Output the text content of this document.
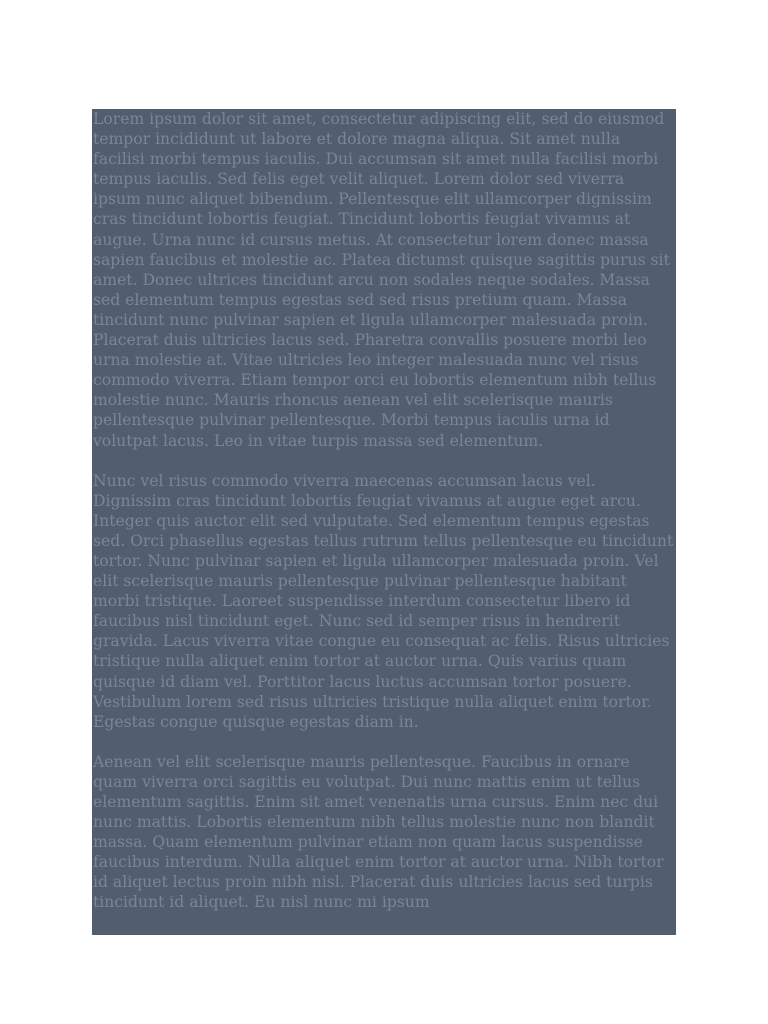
Lorem ipsum dolor sit amet, consectetur adipiscing elit, sed do eiusmod tempor incididunt ut labore et dolore magna aliqua. Sit amet nulla facilisi morbi tempus iaculis. Dui accumsan sit amet nulla facilisi morbi tempus iaculis. Sed felis eget velit aliquet. Lorem dolor sed viverra ipsum nunc aliquet bibendum. Pellentesque elit ullamcorper dignissim cras tincidunt lobortis feugiat. Tincidunt lobortis feugiat vivamus at augue. Urna nunc id cursus metus. At consectetur lorem donec massa sapien faucibus et molestie ac. Platea dictumst quisque sagittis purus sit amet. Donec ultrices tincidunt arcu non sodales neque sodales. Massa sed elementum tempus egestas sed sed risus pretium quam. Massa tincidunt nunc pulvinar sapien et ligula ullamcorper malesuada proin. Placerat duis ultricies lacus sed. Pharetra convallis posuere morbi leo urna molestie at. Vitae ultricies leo integer malesuada nunc vel risus commodo viverra. Etiam tempor orci eu lobortis elementum nibh tellus molestie nunc. Mauris rhoncus aenean vel elit scelerisque mauris pellentesque pulvinar pellentesque. Morbi tempus iaculis urna id volutpat lacus. Leo in vitae turpis massa sed elementum.

Nunc vel risus commodo viverra maecenas accumsan lacus vel. Dignissim cras tincidunt lobortis feugiat vivamus at augue eget arcu. Integer quis auctor elit sed vulputate. Sed elementum tempus egestas sed. Orci phasellus egestas tellus rutrum tellus pellentesque eu tincidunt tortor. Nunc pulvinar sapien et ligula ullamcorper malesuada proin. Vel elit scelerisque mauris pellentesque pulvinar pellentesque habitant morbi tristique. Laoreet suspendisse interdum consectetur libero id faucibus nisl tincidunt eget. Nunc sed id semper risus in hendrerit gravida. Lacus viverra vitae congue eu consequat ac felis. Risus ultricies tristique nulla aliquet enim tortor at auctor urna. Quis varius quam quisque id diam vel. Porttitor lacus luctus accumsan tortor posuere. Vestibulum lorem sed risus ultricies tristique nulla aliquet enim tortor. Egestas congue quisque egestas diam in.

Aenean vel elit scelerisque mauris pellentesque. Faucibus in ornare quam viverra orci sagittis eu volutpat. Dui nunc mattis enim ut tellus elementum sagittis. Enim sit amet venenatis urna cursus. Enim nec dui nunc mattis. Lobortis elementum nibh tellus molestie nunc non blandit massa. Quam elementum pulvinar etiam non quam lacus suspendisse faucibus interdum. Nulla aliquet enim tortor at auctor urna. Nibh tortor id aliquet lectus proin nibh nisl. Placerat duis ultricies lacus sed turpis tincidunt id aliquet. Eu nisl nunc mi ipsum
